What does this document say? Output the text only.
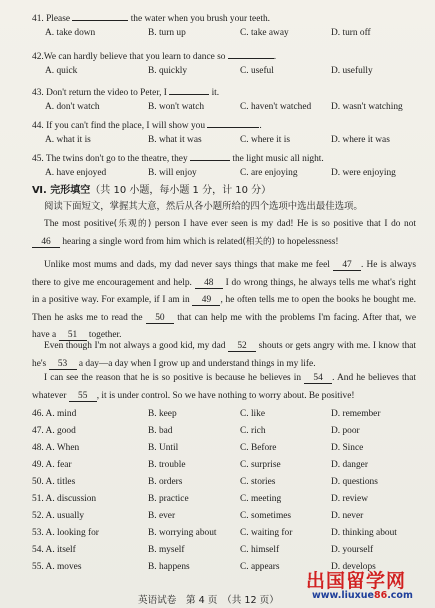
41. Please	the water when you brush your teeth.
A. take down	B. turn up	C. take away	D. turn off
42.We can hardly believe that you learn to dance so	.
A. quick	B. quickly	C. useful	D. usefully
43. Don't return the video to Peter, I	it.
A. don't watch	B. won't watch	C. haven't watched D. wasn't watching
44. If you can't find the place, I will show you	.
A. what it is	B. what it was	C. where it is	D. where it was
45. The twins don't go to the theatre, they	the light music all night.
A. have enjoyed	B. will enjoy	C. are enjoying	D. were enjoying
Ⅵ. 完形填空（共 10 小题，每小题 1 分，计 10 分）
阅读下面短文，掌握其大意，然后从各小题所给的四个选项中选出最佳选项。
The most positive(乐观的) person I have ever seen is my dad! He is so positive that I do not 46 hearing a single word from him which is related(相关的) to hopelessness!
Unlike most mums and dads, my dad never says things that make me feel 47 . He is always there to give me encouragement and help. 48 I do wrong things, he always tells me what's right in a positive way. For example, if I am in 49 , he often tells me to open the books he bought me. Then he asks me to read the 50 that can help me with the problems I'm facing. After that, we have a 51 together.
Even though I'm not always a good kid, my dad 52 shouts or gets angry with me. I know that he's 53 a day—a day when I grow up and understand things in my life.
I can see the reason that he is so positive is because he believes in 54 . And he believes that whatever 55 , it is under control. So we have nothing to worry about. Be positive!
46. A. mind	B. keep	C. like	D. remember
47. A. good	B. bad	C. rich	D. poor
48. A. When	B. Until	C. Before	D. Since
49. A. fear	B. trouble	C. surprise	D. danger
50. A. titles	B. orders	C. stories	D. questions
51. A. discussion	B. practice	C. meeting	D. review
52. A. usually	B. ever	C. sometimes	D. never
53. A. looking for	B. worrying about	C. waiting for	D. thinking about
54. A. itself	B. myself	C. himself	D. yourself
55. A. moves	B. happens	C. appears	D. develops
出国留学网
www.liuxue86.com
英语试卷　第 4 页　（共 12 页）
